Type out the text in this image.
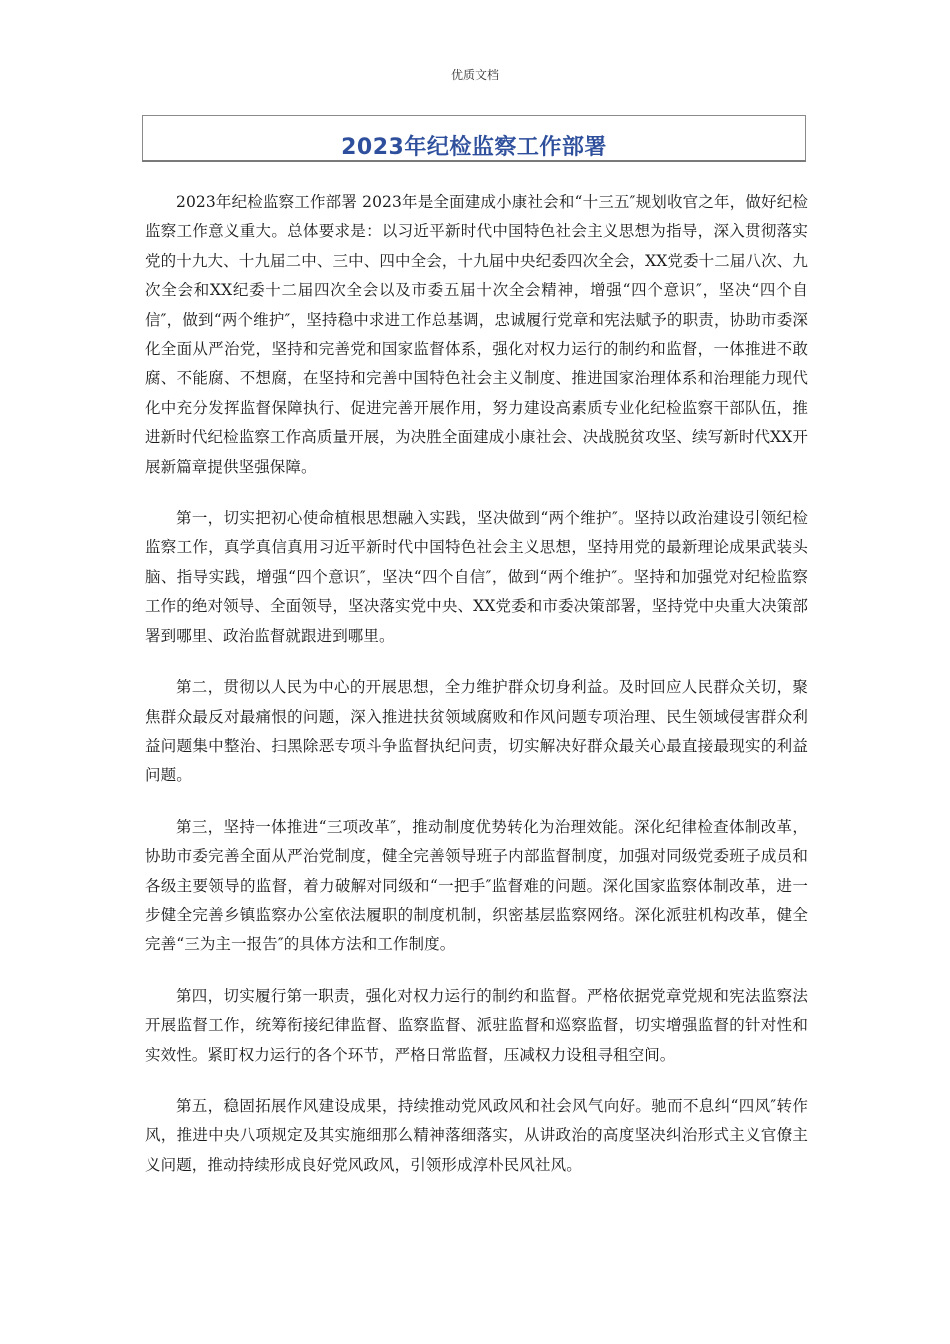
优质文档
2023年纪检监察工作部署

2023年纪检监察工作部署 2023年是全面建成小康社会和“十三五″规划收官之年，做好纪检监察工作意义重大。总体要求是：以习近平新时代中国特色社会主义思想为指导，深入贯彻落实党的十九大、十九届二中、三中、四中全会，十九届中央纪委四次全会，XX党委十二届八次、九次全会和XX纪委十二届四次全会以及市委五届十次全会精神，增强“四个意识″，坚决“四个自信″，做到“两个维护″，坚持稳中求进工作总基调，忠诚履行党章和宪法赋予的职责，协助市委深化全面从严治党，坚持和完善党和国家监督体系，强化对权力运行的制约和监督，一体推进不敢腐、不能腐、不想腐，在坚持和完善中国特色社会主义制度、推进国家治理体系和治理能力现代化中充分发挥监督保障执行、促进完善开展作用，努力建设高素质专业化纪检监察干部队伍，推进新时代纪检监察工作高质量开展，为决胜全面建成小康社会、决战脱贫攻坚、续写新时代XX开展新篇章提供坚强保障。

第一，切实把初心使命植根思想融入实践，坚决做到“两个维护″。坚持以政治建设引领纪检监察工作，真学真信真用习近平新时代中国特色社会主义思想，坚持用党的最新理论成果武装头脑、指导实践，增强“四个意识″，坚决“四个自信″，做到“两个维护″。坚持和加强党对纪检监察工作的绝对领导、全面领导，坚决落实党中央、XX党委和市委决策部署，坚持党中央重大决策部署到哪里、政治监督就跟进到哪里。

第二，贯彻以人民为中心的开展思想，全力维护群众切身利益。及时回应人民群众关切，聚焦群众最反对最痛恨的问题，深入推进扶贫领域腐败和作风问题专项治理、民生领域侵害群众利益问题集中整治、扫黑除恶专项斗争监督执纪问责，切实解决好群众最关心最直接最现实的利益问题。

第三，坚持一体推进“三项改革″，推动制度优势转化为治理效能。深化纪律检查体制改革，协助市委完善全面从严治党制度，健全完善领导班子内部监督制度，加强对同级党委班子成员和各级主要领导的监督，着力破解对同级和“一把手″监督难的问题。深化国家监察体制改革，进一步健全完善乡镇监察办公室依法履职的制度机制，织密基层监察网络。深化派驻机构改革，健全完善“三为主一报告″的具体方法和工作制度。

第四，切实履行第一职责，强化对权力运行的制约和监督。严格依据党章党规和宪法监察法开展监督工作，统筹衔接纪律监督、监察监督、派驻监督和巡察监督，切实增强监督的针对性和实效性。紧盯权力运行的各个环节，严格日常监督，压减权力设租寻租空间。

第五，稳固拓展作风建设成果，持续推动党风政风和社会风气向好。驰而不息纠“四风″转作风，推进中央八项规定及其实施细那么精神落细落实，从讲政治的高度坚决纠治形式主义官僚主义问题，推动持续形成良好党风政风，引领形成淳朴民风社风。
